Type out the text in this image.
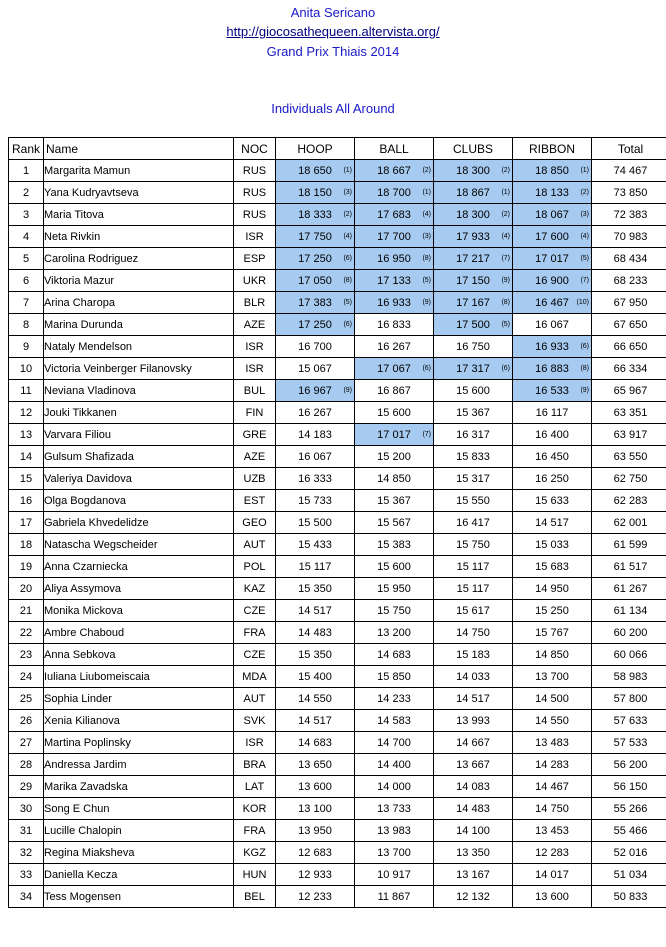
Anita Sericano
http://giocosathequeen.altervista.org/
Grand Prix Thiais 2014
Individuals All Around
Rank	Name	NOC	HOOP	BALL	CLUBS	RIBBON	Total
1	Margarita Mamun	RUS	18 650 (1)	18 667 (2)	18 300 (2)	18 850 (1)	74 467
2	Yana Kudryavtseva	RUS	18 150 (3)	18 700 (1)	18 867 (1)	18 133 (2)	73 850
3	Maria Titova	RUS	18 333 (2)	17 683 (4)	18 300 (2)	18 067 (3)	72 383
4	Neta Rivkin	ISR	17 750 (4)	17 700 (3)	17 933 (4)	17 600 (4)	70 983
5	Carolina Rodriguez	ESP	17 250 (6)	16 950 (8)	17 217 (7)	17 017 (5)	68 434
6	Viktoria Mazur	UKR	17 050 (8)	17 133 (5)	17 150 (9)	16 900 (7)	68 233
7	Arina Charopa	BLR	17 383 (5)	16 933 (9)	17 167 (8)	16 467 (10)	67 950
8	Marina Durunda	AZE	17 250 (6)	16 833	17 500 (5)	16 067	67 650
9	Nataly Mendelson	ISR	16 700	16 267	16 750	16 933 (6)	66 650
10	Victoria Veinberger Filanovsky	ISR	15 067	17 067 (6)	17 317 (6)	16 883 (8)	66 334
11	Neviana Vladinova	BUL	16 967 (9)	16 867	15 600	16 533 (9)	65 967
12	Jouki Tikkanen	FIN	16 267	15 600	15 367	16 117	63 351
13	Varvara Filiou	GRE	14 183	17 017 (7)	16 317	16 400	63 917
14	Gulsum Shafizada	AZE	16 067	15 200	15 833	16 450	63 550
15	Valeriya Davidova	UZB	16 333	14 850	15 317	16 250	62 750
16	Olga Bogdanova	EST	15 733	15 367	15 550	15 633	62 283
17	Gabriela Khvedelidze	GEO	15 500	15 567	16 417	14 517	62 001
18	Natascha Wegscheider	AUT	15 433	15 383	15 750	15 033	61 599
19	Anna Czarniecka	POL	15 117	15 600	15 117	15 683	61 517
20	Aliya Assymova	KAZ	15 350	15 950	15 117	14 950	61 267
21	Monika Mickova	CZE	14 517	15 750	15 617	15 250	61 134
22	Ambre Chaboud	FRA	14 483	13 200	14 750	15 767	60 200
23	Anna Sebkova	CZE	15 350	14 683	15 183	14 850	60 066
24	Iuliana Liubomeiscaia	MDA	15 400	15 850	14 033	13 700	58 983
25	Sophia Linder	AUT	14 550	14 233	14 517	14 500	57 800
26	Xenia Kilianova	SVK	14 517	14 583	13 993	14 550	57 633
27	Martina Poplinsky	ISR	14 683	14 700	14 667	13 483	57 533
28	Andressa Jardim	BRA	13 650	14 400	13 667	14 283	56 200
29	Marika Zavadska	LAT	13 600	14 000	14 083	14 467	56 150
30	Song E Chun	KOR	13 100	13 733	14 483	14 750	55 266
31	Lucille Chalopin	FRA	13 950	13 983	14 100	13 453	55 466
32	Regina Miaksheva	KGZ	12 683	13 700	13 350	12 283	52 016
33	Daniella Kecza	HUN	12 933	10 917	13 167	14 017	51 034
34	Tess Mogensen	BEL	12 233	11 867	12 132	13 600	50 833
